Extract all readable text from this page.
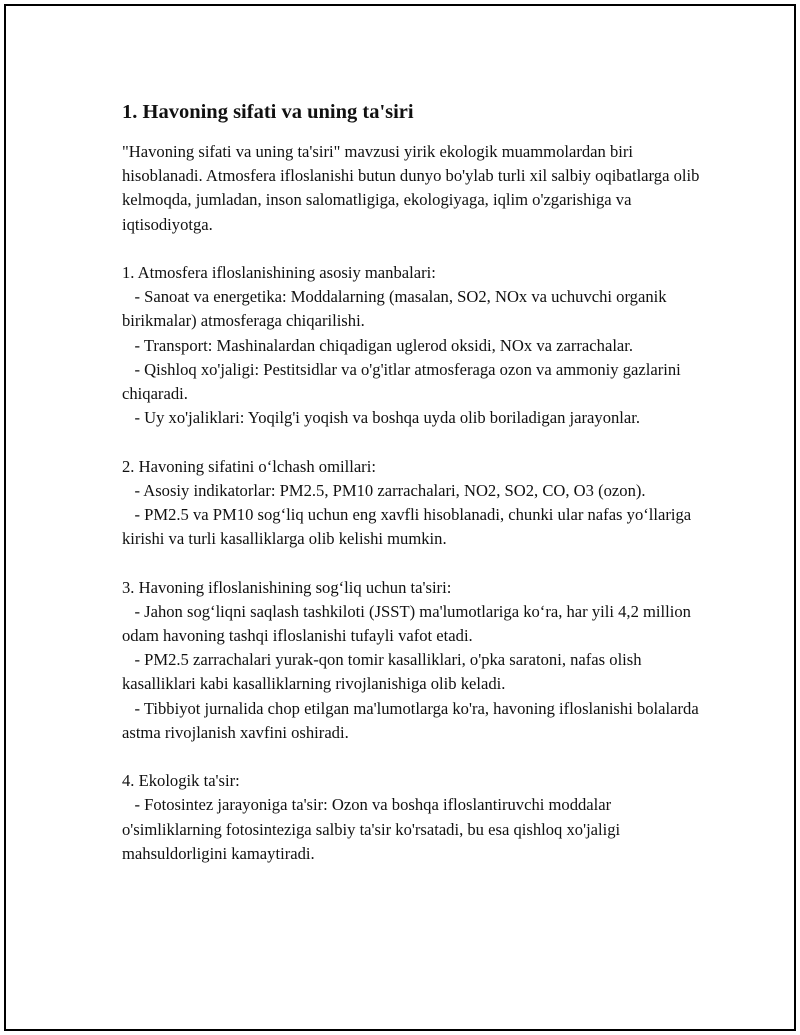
1. Havoning sifati va uning ta'siri

"Havoning sifati va uning ta'siri" mavzusi yirik ekologik muammolardan biri hisoblanadi. Atmosfera ifloslanishi butun dunyo bo'ylab turli xil salbiy oqibatlarga olib kelmoqda, jumladan, inson salomatligiga, ekologiyaga, iqlim o'zgarishiga va iqtisodiyotga.

1. Atmosfera ifloslanishining asosiy manbalari:

- Sanoat va energetika: Moddalarning (masalan, SO2, NOx va uchuvchi organik birikmalar) atmosferaga chiqarilishi.

- Transport: Mashinalardan chiqadigan uglerod oksidi, NOx va zarrachalar.

- Qishloq xo'jaligi: Pestitsidlar va o'g'itlar atmosferaga ozon va ammoniy gazlarini chiqaradi.

- Uy xo'jaliklari: Yoqilg'i yoqish va boshqa uyda olib boriladigan jarayonlar.

2. Havoning sifatini o‘lchash omillari:

- Asosiy indikatorlar: PM2.5, PM10 zarrachalari, NO2, SO2, CO, O3 (ozon).

- PM2.5 va PM10 sog‘liq uchun eng xavfli hisoblanadi, chunki ular nafas yo‘llariga kirishi va turli kasalliklarga olib kelishi mumkin.

3. Havoning ifloslanishining sog‘liq uchun ta'siri:

- Jahon sog‘liqni saqlash tashkiloti (JSST) ma'lumotlariga ko‘ra, har yili 4,2 million odam havoning tashqi ifloslanishi tufayli vafot etadi.

- PM2.5 zarrachalari yurak-qon tomir kasalliklari, o'pka saratoni, nafas olish kasalliklari kabi kasalliklarning rivojlanishiga olib keladi.

- Tibbiyot jurnalida chop etilgan ma'lumotlarga ko'ra, havoning ifloslanishi bolalarda astma rivojlanish xavfini oshiradi.

4. Ekologik ta'sir:

- Fotosintez jarayoniga ta'sir: Ozon va boshqa ifloslantiruvchi moddalar o'simliklarning fotosinteziga salbiy ta'sir ko'rsatadi, bu esa qishloq xo'jaligi mahsuldorligini kamaytiradi.
